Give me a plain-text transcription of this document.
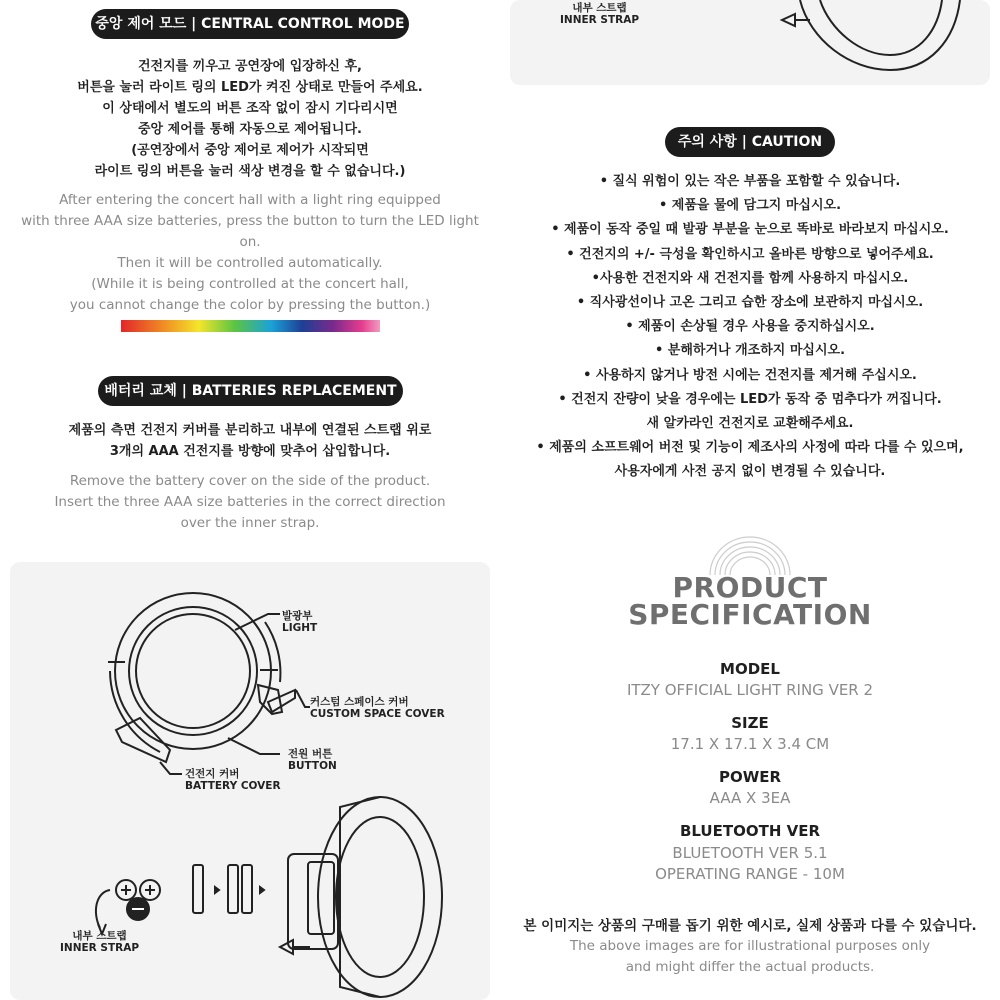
중앙 제어 모드 | CENTRAL CONTROL MODE
건전지를 끼우고 공연장에 입장하신 후,
버튼을 눌러 라이트 링의 LED가 켜진 상태로 만들어 주세요.
이 상태에서 별도의 버튼 조작 없이 잠시 기다리시면
중앙 제어를 통해 자동으로 제어됩니다.
(공연장에서 중앙 제어로 제어가 시작되면
라이트 링의 버튼을 눌러 색상 변경을 할 수 없습니다.)
After entering the concert hall with a light ring equipped
with three AAA size batteries, press the button to turn the LED light on.
Then it will be controlled automatically.
(While it is being controlled at the concert hall,
you cannot change the color by pressing the button.)
배터리 교체 | BATTERIES REPLACEMENT
제품의 측면 건전지 커버를 분리하고 내부에 연결된 스트랩 위로
3개의 AAA 건전지를 방향에 맞추어 삽입합니다.
Remove the battery cover on the side of the product.
Insert the three AAA size batteries in the correct direction
over the inner strap.
발광부
LIGHT
커스텀 스페이스 커버
CUSTOM SPACE COVER
전원 버튼
BUTTON
건전지 커버
BATTERY COVER
내부 스트랩
INNER STRAP
내부 스트랩
INNER STRAP
주의 사항 | CAUTION
• 질식 위험이 있는 작은 부품을 포함할 수 있습니다.
• 제품을 물에 담그지 마십시오.
• 제품이 동작 중일 때 발광 부분을 눈으로 똑바로 바라보지 마십시오.
• 건전지의 +/- 극성을 확인하시고 올바른 방향으로 넣어주세요.
•사용한 건전지와 새 건전지를 함께 사용하지 마십시오.
• 직사광선이나 고온 그리고 습한 장소에 보관하지 마십시오.
• 제품이 손상될 경우 사용을 중지하십시오.
• 분해하거나 개조하지 마십시오.
• 사용하지 않거나 방전 시에는 건전지를 제거해 주십시오.
• 건전지 잔량이 낮을 경우에는 LED가 동작 중 멈추다가 꺼집니다.
새 알카라인 건전지로 교환해주세요.
• 제품의 소프트웨어 버전 및 기능이 제조사의 사정에 따라 다를 수 있으며,
사용자에게 사전 공지 없이 변경될 수 있습니다.
PRODUCT
SPECIFICATION
MODEL
ITZY OFFICIAL LIGHT RING VER 2
SIZE
17.1 X 17.1 X 3.4 CM
POWER
AAA X 3EA
BLUETOOTH VER
BLUETOOTH VER 5.1
OPERATING RANGE - 10M
본 이미지는 상품의 구매를 돕기 위한 예시로, 실제 상품과 다를 수 있습니다.
The above images are for illustrational purposes only
and might differ the actual products.
